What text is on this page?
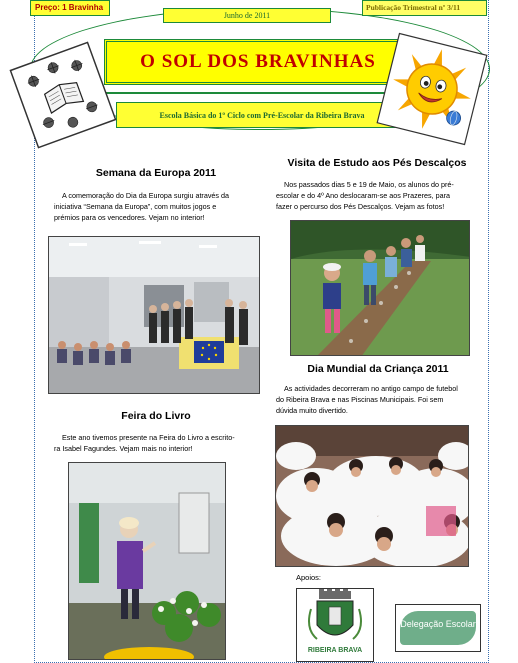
Preço: 1 Bravinha	Publicação Trimestral nº 3/11
Junho de 2011
O SOL DOS BRAVINHAS
Escola Básica do 1º Ciclo com Pré-Escolar da Ribeira Brava
Semana da Europa 2011
A comemoração do Dia da Europa surgiu através da
iniciativa “Semana da Europa”, com muitos jogos e
prémios para os vencedores. Vejam no interior!
Visita de Estudo aos Pés Descalços
Nos passados dias 5 e 19 de Maio, os alunos do pré-
escolar e do 4º Ano deslocaram-se aos Prazeres, para
fazer o percurso dos Pés Descalços. Vejam as fotos!
Dia Mundial da Criança 2011
As actividades decorreram no antigo campo de futebol
do Ribeira Brava e nas Piscinas Municipais. Foi sem
dúvida muito divertido.
Feira do Livro
Este ano tivemos presente na Feira do Livro a escrito-
ra Isabel Fagundes. Vejam mais no interior!
Apoios:
RIBEIRA BRAVA
Delegação Escolar
